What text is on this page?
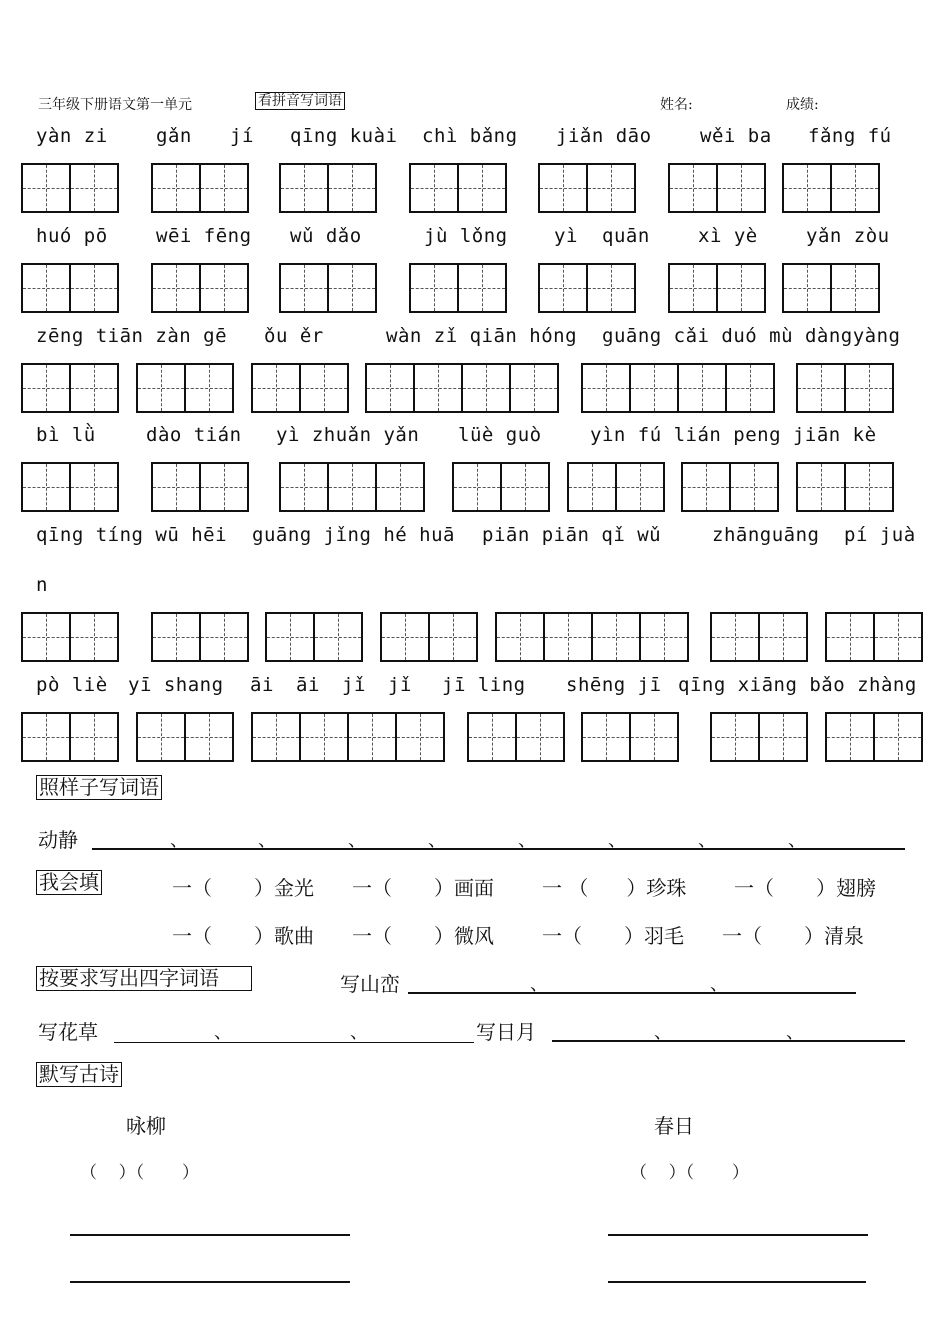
三年级下册语文第一单元	看拼音写词语	姓名:	成绩:
yàn zi	gǎn jí qīng kuài chì bǎng jiǎn dāo	wěi ba fǎng fú
huó pō	wēi fēng wǔ dǎo	jù lǒng yì quān	xì yè	yǎn zòu
zēng tiān zàn gē ǒu ěr	wàn zǐ qiān hóng guāng cǎi duó mù dàngyàng
bì lǜ	dào tián yì zhuǎn yǎn lüè guò	yìn fú lián peng jiān kè
qīng tíng wū hēi guāng jǐng hé huā piān piān qǐ wǔ	zhānguāng pí juà
n
pò liè yī shang āi āi jǐ jǐ jī ling shēng jī qīng xiāng bǎo zhàng
照样子写词语
动静	、	、	、	、	、	、	、	、
我会填	一（ ）金光 一（ ）画面 一 （ ）珍珠 一（ ）翅膀
一（ ）歌曲 一（ ）微风 一（ ）羽毛 一（ ）清泉
按要求写出四字词语	写山峦	、	、
写花草	、	、	写日月	、	、
默写古诗
咏柳	春日
（    ）（       ）	（    ）（       ）
